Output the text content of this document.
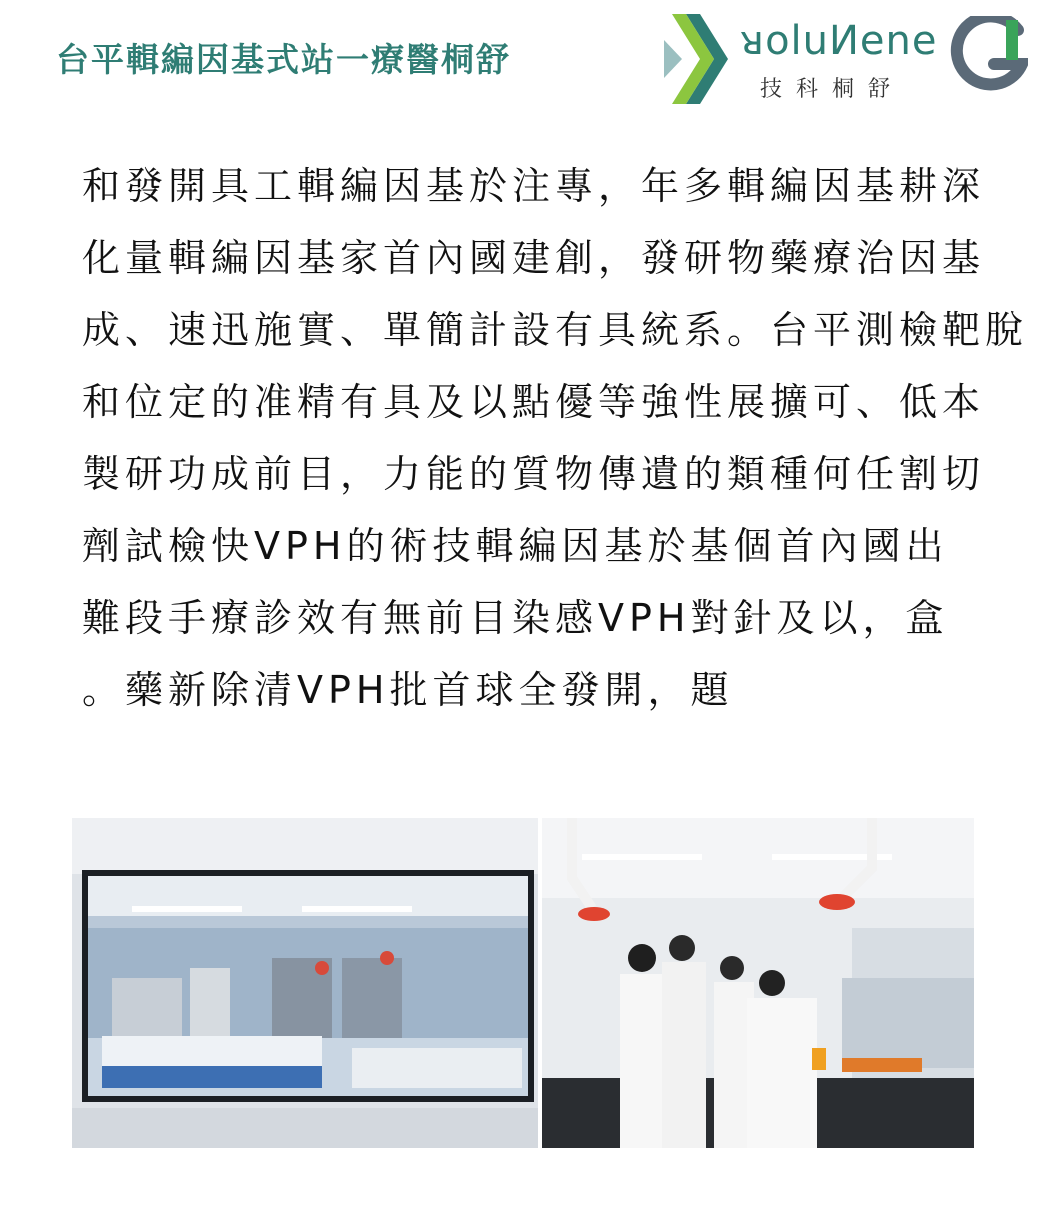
台平輯編因基式站一療醫桐舒	ᴚoluИene
技科桐舒
和發開具工輯編因基於注專，年多輯編因基耕深
化量輯編因基家首內國建創，發研物藥療治因基
成、速迅施實、單簡計設有具統系。台平測檢靶脫
和位定的准精有具及以點優等強性展擴可、低本
製研功成前目，力能的質物傳遺的類種何任割切
劑試檢快VPH的術技輯編因基於基個首內國出
難段手療診效有無前目染感VPH對針及以，盒
。藥新除清VPH批首球全發開，題
